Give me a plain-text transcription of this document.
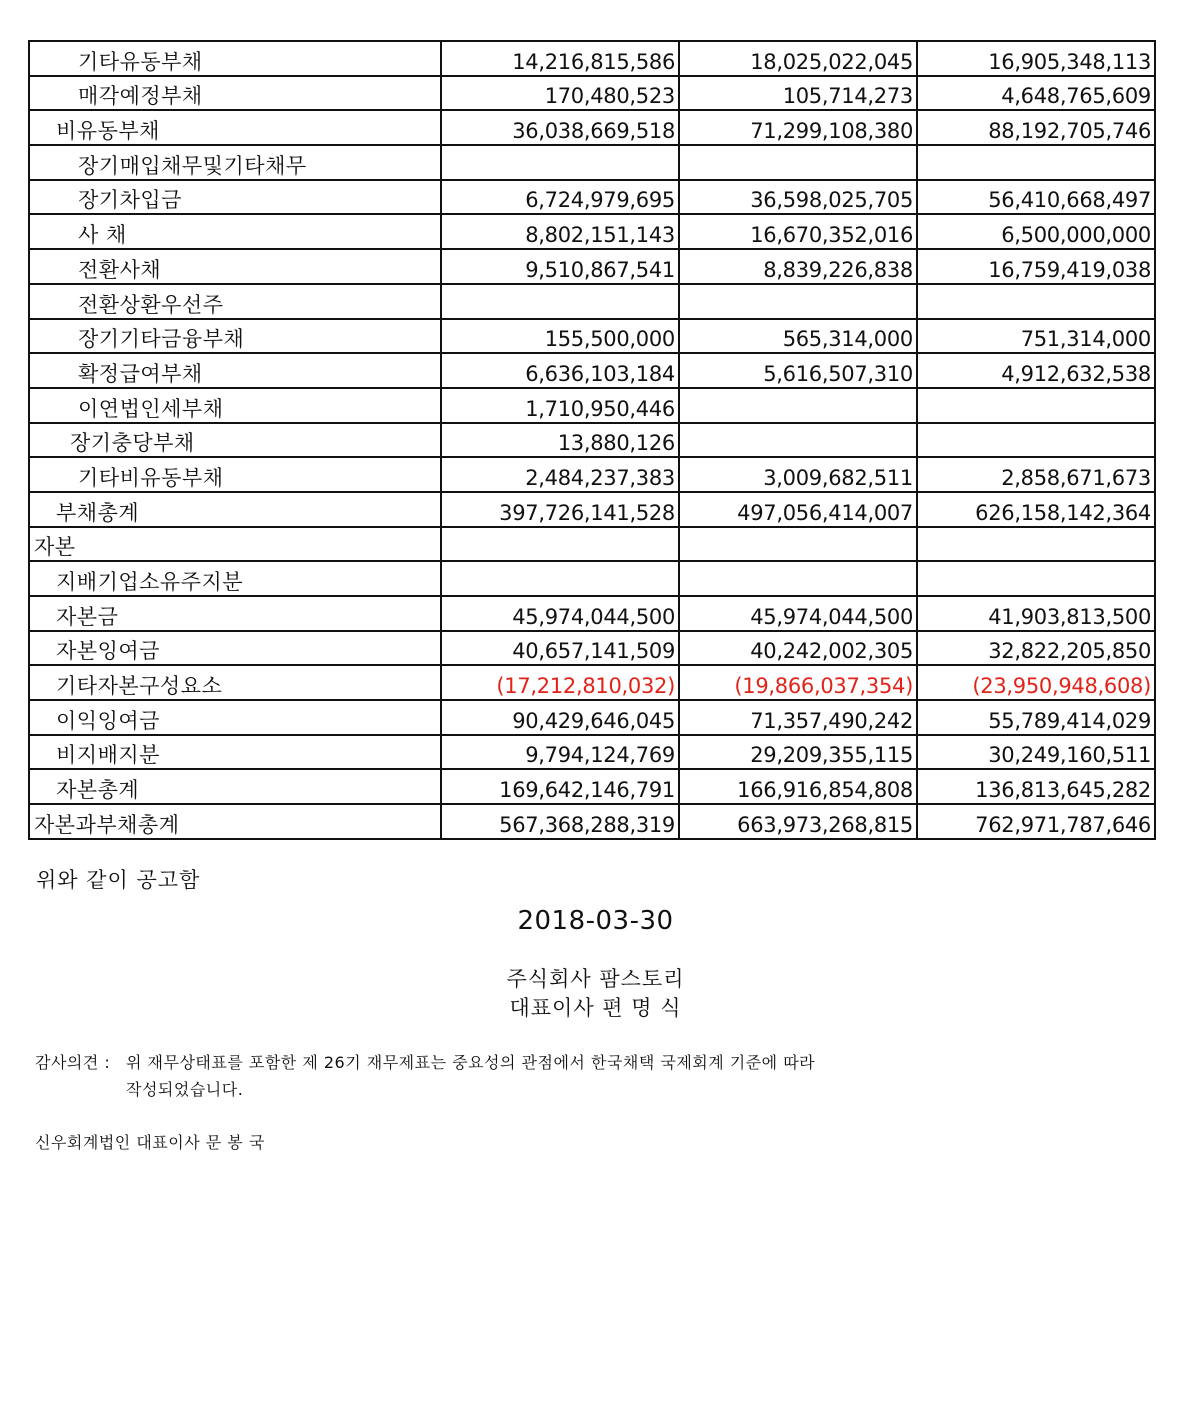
기타유동부채	14,216,815,586	18,025,022,045	16,905,348,113
매각예정부채	170,480,523	105,714,273	4,648,765,609
비유동부채	36,038,669,518	71,299,108,380	88,192,705,746
장기매입채무및기타채무			
장기차입금	6,724,979,695	36,598,025,705	56,410,668,497
사 채	8,802,151,143	16,670,352,016	6,500,000,000
전환사채	9,510,867,541	8,839,226,838	16,759,419,038
전환상환우선주			
장기기타금융부채	155,500,000	565,314,000	751,314,000
확정급여부채	6,636,103,184	5,616,507,310	4,912,632,538
이연법인세부채	1,710,950,446		
장기충당부채	13,880,126		
기타비유동부채	2,484,237,383	3,009,682,511	2,858,671,673
부채총계	397,726,141,528	497,056,414,007	626,158,142,364
자본			
지배기업소유주지분			
자본금	45,974,044,500	45,974,044,500	41,903,813,500
자본잉여금	40,657,141,509	40,242,002,305	32,822,205,850
기타자본구성요소	(17,212,810,032)	(19,866,037,354)	(23,950,948,608)
이익잉여금	90,429,646,045	71,357,490,242	55,789,414,029
비지배지분	9,794,124,769	29,209,355,115	30,249,160,511
자본총계	169,642,146,791	166,916,854,808	136,813,645,282
자본과부채총계	567,368,288,319	663,973,268,815	762,971,787,646
위와 같이 공고함
2018-03-30
주식회사 팜스토리
대표이사 편 명 식
감사의견 : 위 재무상태표를 포함한 제 26기 재무제표는 중요성의 관점에서 한국채택 국제회계 기준에 따라
작성되었습니다.
신우회계법인 대표이사 문 봉 국
